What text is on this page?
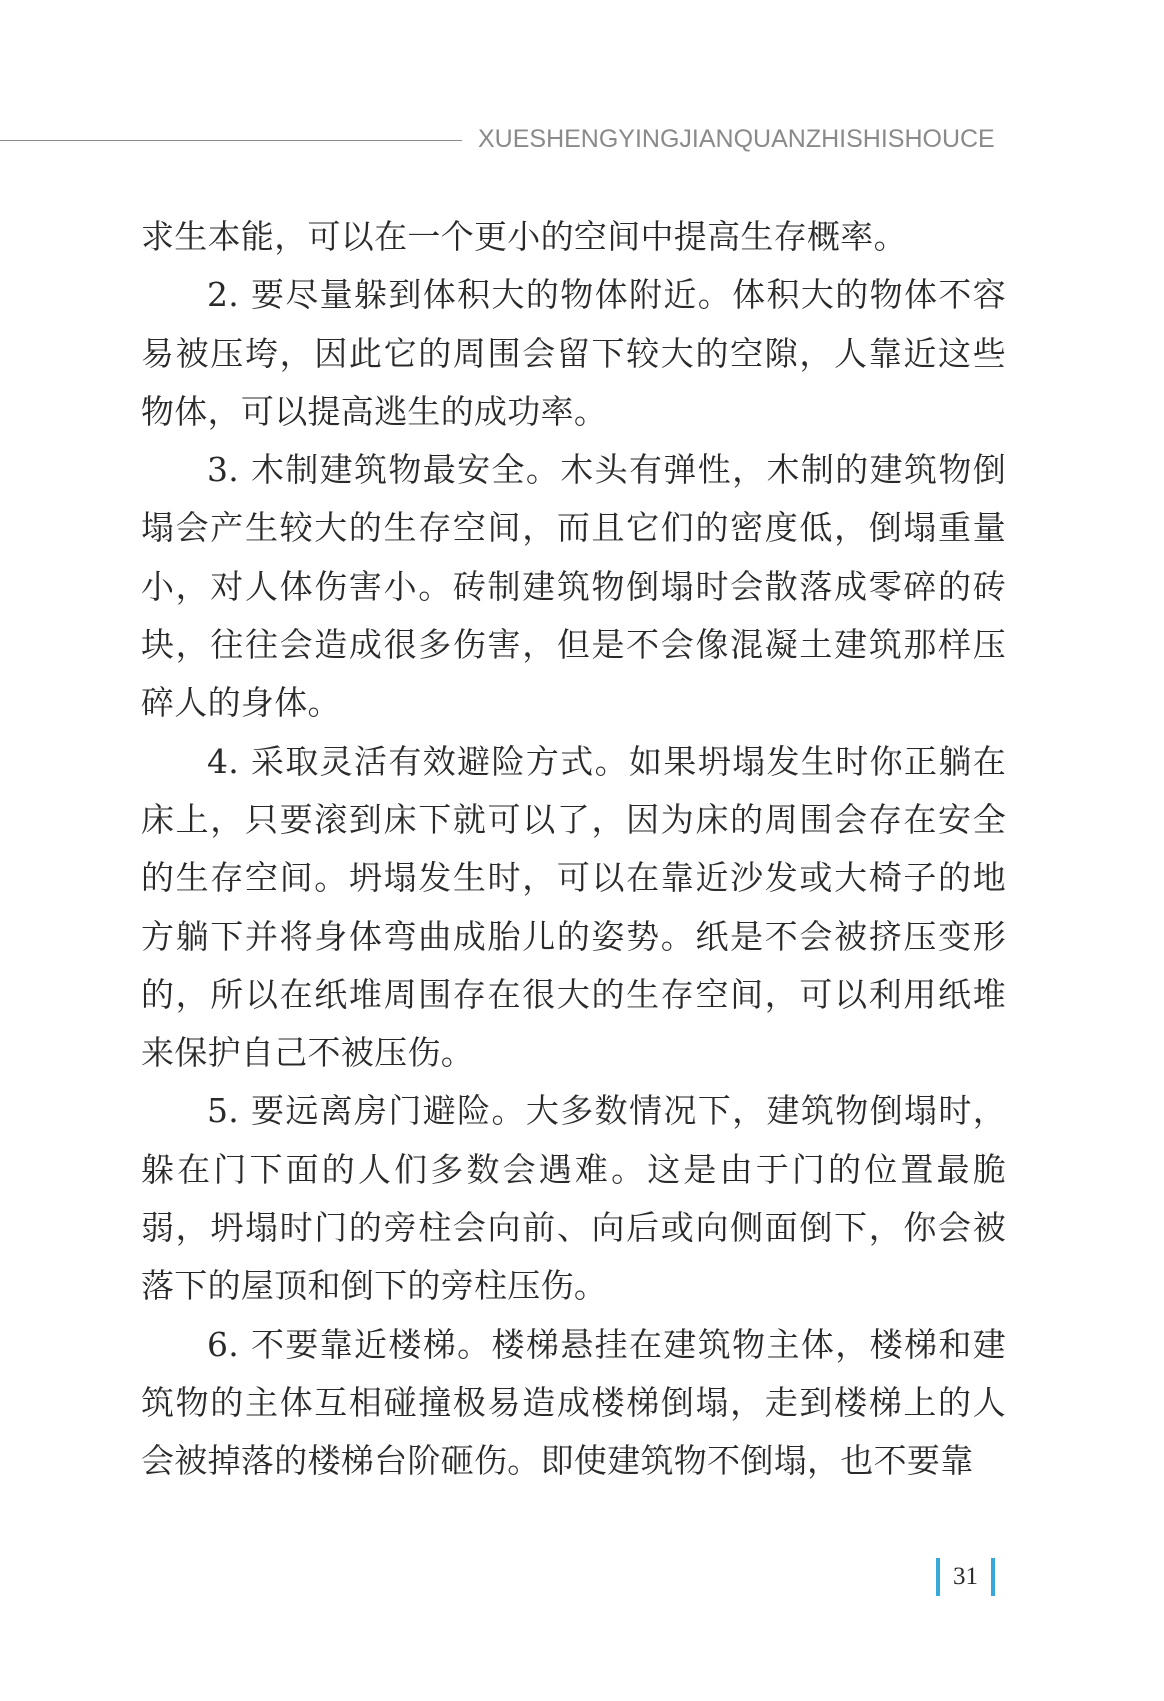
XUESHENGYINGJIANQUANZHISHISHOUCE

求生本能，可以在一个更小的空间中提高生存概率。

2. 要尽量躲到体积大的物体附近。体积大的物体不容易被压垮，因此它的周围会留下较大的空隙，人靠近这些物体，可以提高逃生的成功率。

3. 木制建筑物最安全。木头有弹性，木制的建筑物倒塌会产生较大的生存空间，而且它们的密度低，倒塌重量小，对人体伤害小。砖制建筑物倒塌时会散落成零碎的砖块，往往会造成很多伤害，但是不会像混凝土建筑那样压碎人的身体。

4. 采取灵活有效避险方式。如果坍塌发生时你正躺在床上，只要滚到床下就可以了，因为床的周围会存在安全的生存空间。坍塌发生时，可以在靠近沙发或大椅子的地方躺下并将身体弯曲成胎儿的姿势。纸是不会被挤压变形的，所以在纸堆周围存在很大的生存空间，可以利用纸堆来保护自己不被压伤。

5. 要远离房门避险。大多数情况下，建筑物倒塌时，躲在门下面的人们多数会遇难。这是由于门的位置最脆弱，坍塌时门的旁柱会向前、向后或向侧面倒下，你会被落下的屋顶和倒下的旁柱压伤。

6. 不要靠近楼梯。楼梯悬挂在建筑物主体，楼梯和建筑物的主体互相碰撞极易造成楼梯倒塌，走到楼梯上的人会被掉落的楼梯台阶砸伤。即使建筑物不倒塌，也不要靠

31
